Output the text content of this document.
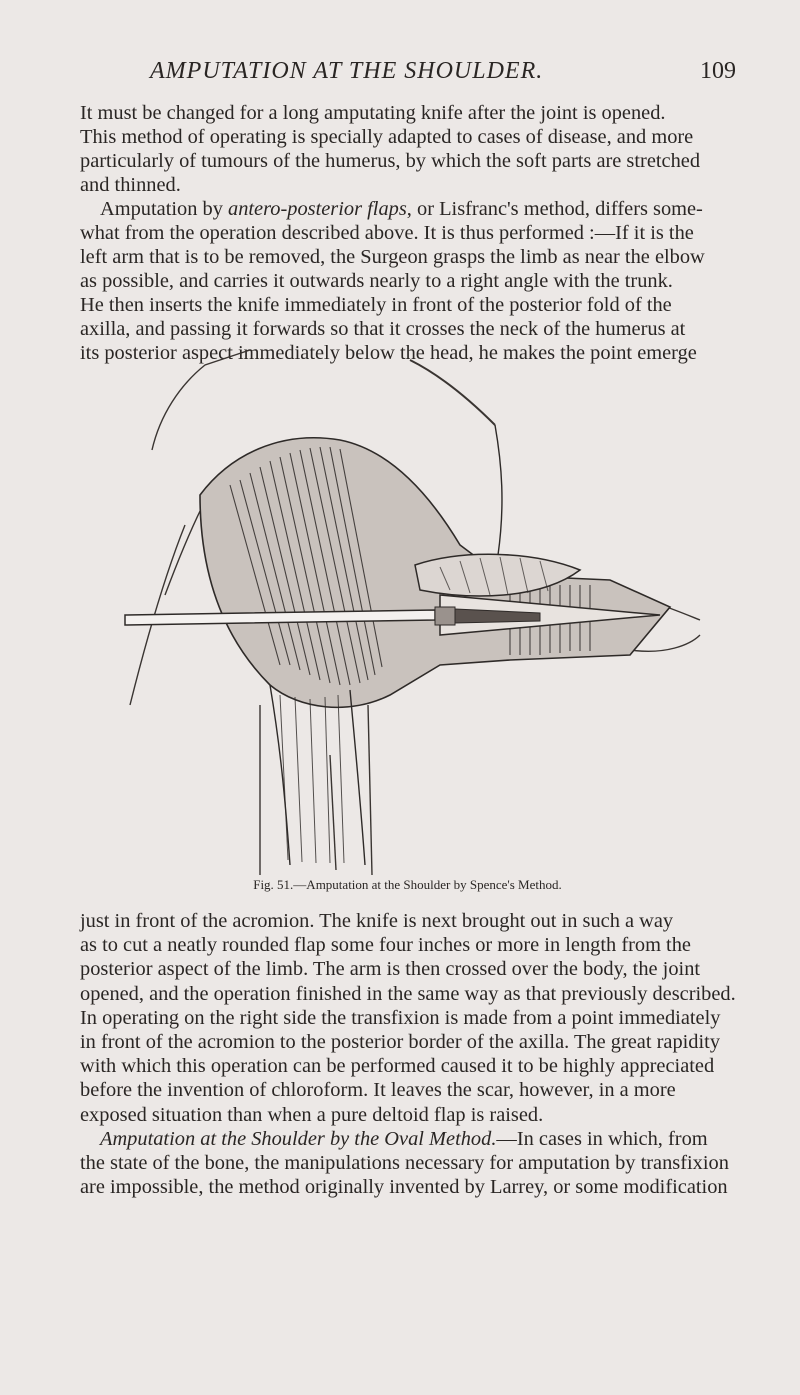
AMPUTATION AT THE SHOULDER.	109

It must be changed for a long amputating knife after the joint is opened.
This method of operating is specially adapted to cases of disease, and more
particularly of tumours of the humerus, by which the soft parts are stretched
and thinned.
Amputation by antero-posterior flaps, or Lisfranc's method, differs some-
what from the operation described above. It is thus performed :—If it is the
left arm that is to be removed, the Surgeon grasps the limb as near the elbow
as possible, and carries it outwards nearly to a right angle with the trunk.
He then inserts the knife immediately in front of the posterior fold of the
axilla, and passing it forwards so that it crosses the neck of the humerus at
its posterior aspect immediately below the head, he makes the point emerge

Fig. 51.—Amputation at the Shoulder by Spence's Method.

just in front of the acromion. The knife is next brought out in such a way
as to cut a neatly rounded flap some four inches or more in length from the
posterior aspect of the limb. The arm is then crossed over the body, the joint
opened, and the operation finished in the same way as that previously described.
In operating on the right side the transfixion is made from a point immediately
in front of the acromion to the posterior border of the axilla. The great rapidity
with which this operation can be performed caused it to be highly appreciated
before the invention of chloroform. It leaves the scar, however, in a more
exposed situation than when a pure deltoid flap is raised.
Amputation at the Shoulder by the Oval Method.—In cases in which, from
the state of the bone, the manipulations necessary for amputation by transfixion
are impossible, the method originally invented by Larrey, or some modification
